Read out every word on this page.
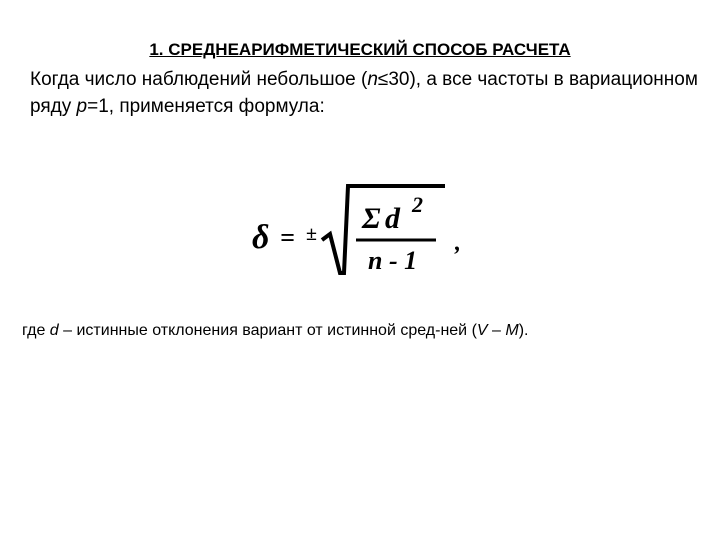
1. СРЕДНЕАРИФМЕТИЧЕСКИЙ СПОСОБ РАСЧЕТА
Когда число наблюдений небольшое (n≤30), а все частоты в вариационном ряду p=1, применяется формула:
δ = ± Σ d 2
n - 1
,
где d – истинные отклонения вариант от истинной сред-ней (V – M).
